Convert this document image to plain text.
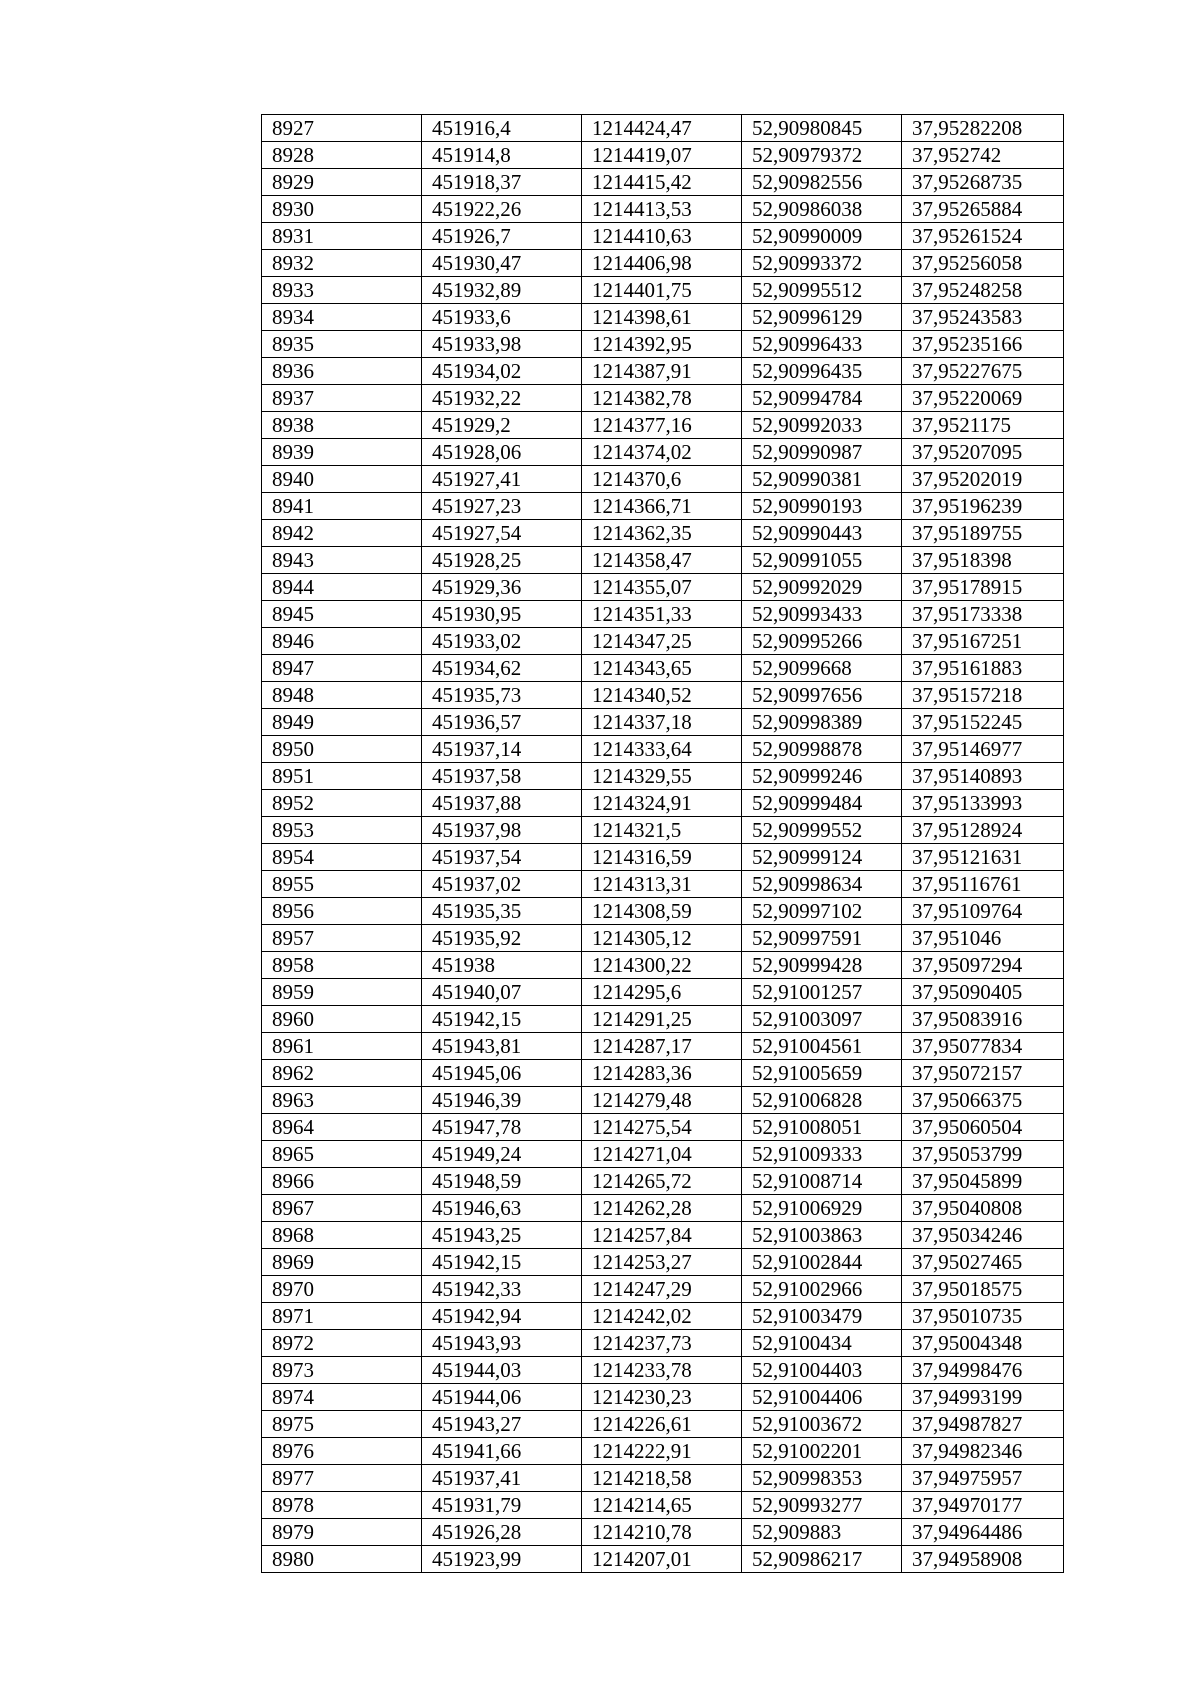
8927	451916,4	1214424,47	52,90980845	37,95282208
8928	451914,8	1214419,07	52,90979372	37,952742
8929	451918,37	1214415,42	52,90982556	37,95268735
8930	451922,26	1214413,53	52,90986038	37,95265884
8931	451926,7	1214410,63	52,90990009	37,95261524
8932	451930,47	1214406,98	52,90993372	37,95256058
8933	451932,89	1214401,75	52,90995512	37,95248258
8934	451933,6	1214398,61	52,90996129	37,95243583
8935	451933,98	1214392,95	52,90996433	37,95235166
8936	451934,02	1214387,91	52,90996435	37,95227675
8937	451932,22	1214382,78	52,90994784	37,95220069
8938	451929,2	1214377,16	52,90992033	37,9521175
8939	451928,06	1214374,02	52,90990987	37,95207095
8940	451927,41	1214370,6	52,90990381	37,95202019
8941	451927,23	1214366,71	52,90990193	37,95196239
8942	451927,54	1214362,35	52,90990443	37,95189755
8943	451928,25	1214358,47	52,90991055	37,9518398
8944	451929,36	1214355,07	52,90992029	37,95178915
8945	451930,95	1214351,33	52,90993433	37,95173338
8946	451933,02	1214347,25	52,90995266	37,95167251
8947	451934,62	1214343,65	52,9099668	37,95161883
8948	451935,73	1214340,52	52,90997656	37,95157218
8949	451936,57	1214337,18	52,90998389	37,95152245
8950	451937,14	1214333,64	52,90998878	37,95146977
8951	451937,58	1214329,55	52,90999246	37,95140893
8952	451937,88	1214324,91	52,90999484	37,95133993
8953	451937,98	1214321,5	52,90999552	37,95128924
8954	451937,54	1214316,59	52,90999124	37,95121631
8955	451937,02	1214313,31	52,90998634	37,95116761
8956	451935,35	1214308,59	52,90997102	37,95109764
8957	451935,92	1214305,12	52,90997591	37,951046
8958	451938	1214300,22	52,90999428	37,95097294
8959	451940,07	1214295,6	52,91001257	37,95090405
8960	451942,15	1214291,25	52,91003097	37,95083916
8961	451943,81	1214287,17	52,91004561	37,95077834
8962	451945,06	1214283,36	52,91005659	37,95072157
8963	451946,39	1214279,48	52,91006828	37,95066375
8964	451947,78	1214275,54	52,91008051	37,95060504
8965	451949,24	1214271,04	52,91009333	37,95053799
8966	451948,59	1214265,72	52,91008714	37,95045899
8967	451946,63	1214262,28	52,91006929	37,95040808
8968	451943,25	1214257,84	52,91003863	37,95034246
8969	451942,15	1214253,27	52,91002844	37,95027465
8970	451942,33	1214247,29	52,91002966	37,95018575
8971	451942,94	1214242,02	52,91003479	37,95010735
8972	451943,93	1214237,73	52,9100434	37,95004348
8973	451944,03	1214233,78	52,91004403	37,94998476
8974	451944,06	1214230,23	52,91004406	37,94993199
8975	451943,27	1214226,61	52,91003672	37,94987827
8976	451941,66	1214222,91	52,91002201	37,94982346
8977	451937,41	1214218,58	52,90998353	37,94975957
8978	451931,79	1214214,65	52,90993277	37,94970177
8979	451926,28	1214210,78	52,909883	37,94964486
8980	451923,99	1214207,01	52,90986217	37,94958908
